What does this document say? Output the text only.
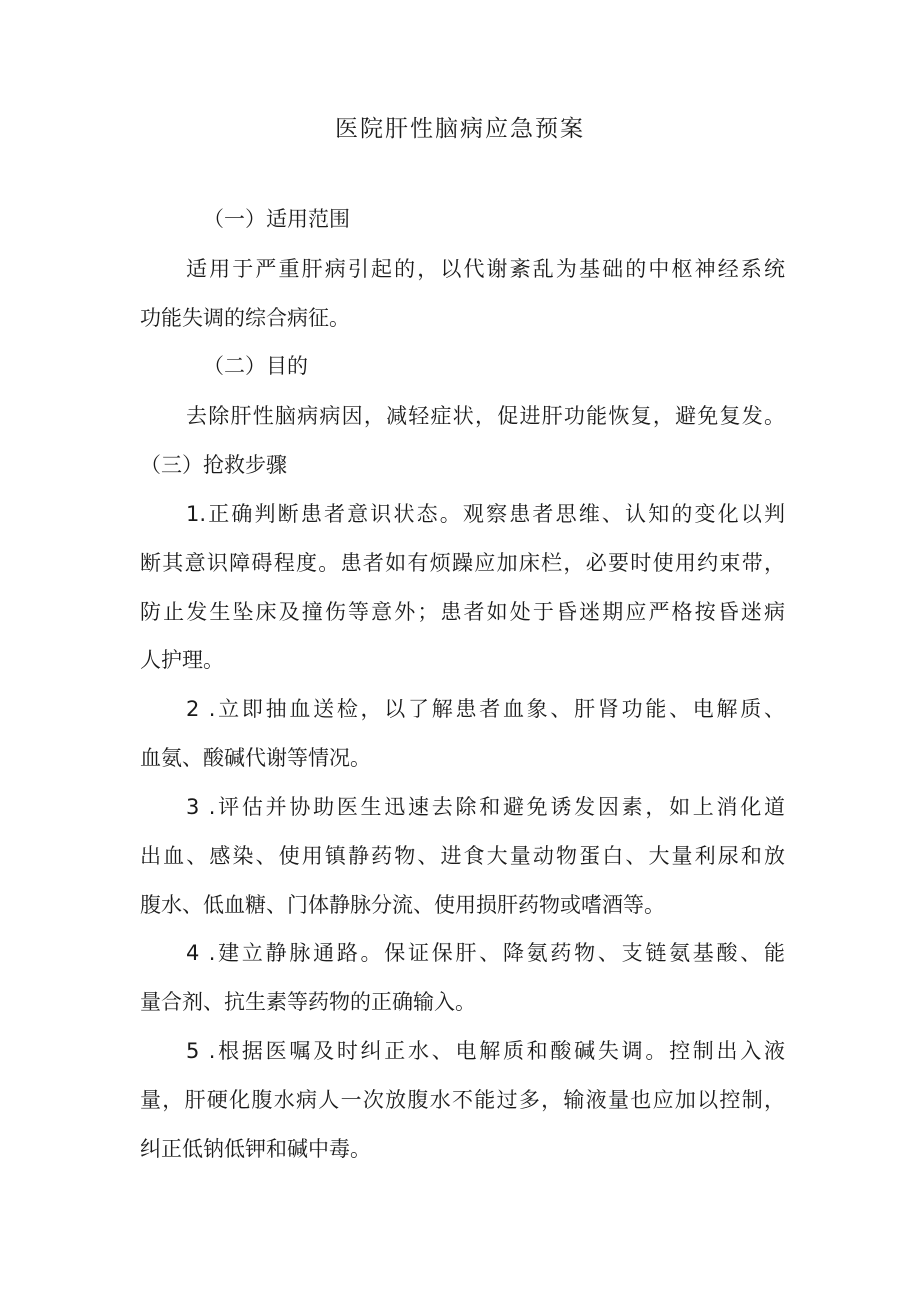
医院肝性脑病应急预案
（一）适用范围
适用于严重肝病引起的，以代谢紊乱为基础的中枢神经系统
功能失调的综合病征。
（二）目的
去除肝性脑病病因，减轻症状，促进肝功能恢复，避免复发。
（三）抢救步骤
1.正确判断患者意识状态。观察患者思维、认知的变化以判
断其意识障碍程度。患者如有烦躁应加床栏，必要时使用约束带，
防止发生坠床及撞伤等意外；患者如处于昏迷期应严格按昏迷病
人护理。
2 .立即抽血送检，以了解患者血象、肝肾功能、电解质、
血氨、酸碱代谢等情况。
3 .评估并协助医生迅速去除和避免诱发因素，如上消化道
出血、感染、使用镇静药物、进食大量动物蛋白、大量利尿和放
腹水、低血糖、门体静脉分流、使用损肝药物或嗜酒等。
4 .建立静脉通路。保证保肝、降氨药物、支链氨基酸、能
量合剂、抗生素等药物的正确输入。
5 .根据医嘱及时纠正水、电解质和酸碱失调。控制出入液
量，肝硬化腹水病人一次放腹水不能过多，输液量也应加以控制，
纠正低钠低钾和碱中毒。
